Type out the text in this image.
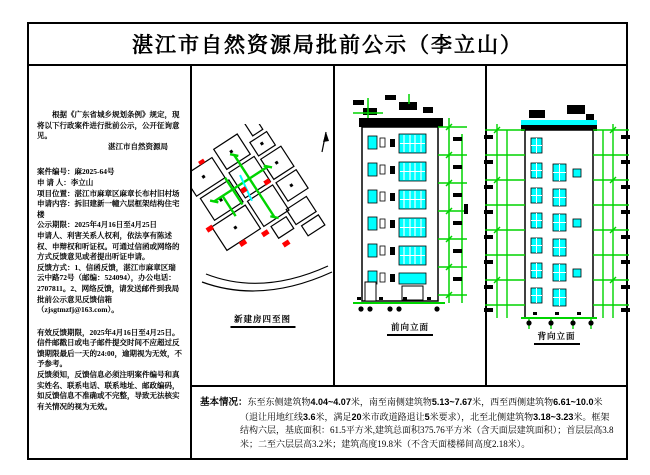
湛江市自然资源局批前公示（李立山）

根据《广东省城乡规划条例》规定，现将以下行政案件进行批前公示，公开征询意见。

湛江市自然资源局

案件编号：麻2025-64号

申 请 人：李立山

项目位置：湛江市麻章区麻章长布村旧村场

申请内容：拆旧建新一幢六层框架结构住宅楼

公示期限：2025年4月16日至4月25日

申请人、利害关系人权利，依法享有陈述权、申辩权和听证权。可通过信函或网络的方式反馈意见或者提出听证申请。

反馈方式：1、信函反馈，湛江市麻章区瑞云中路72号（邮编：524094），办公电话：2707811。2、网络反馈，请发送邮件到我局批前公示意见反馈信箱（zjsgtmzfj@163.com）。

有效反馈期限，2025年4月16日至4月25日。信件邮戳日或电子邮件提交时间不应超过反馈期限最后一天的24:00，逾期视为无效，不予参考。

反馈须知，反馈信息必须注明案件编号和真实姓名、联系电话、联系地址、邮政编码，如反馈信息不准确或不完整，导致无法核实有关情况的视为无效。

新建房四至图
前向立面
背向立面
基本情况：东至东侧建筑物4.04~4.07米，南至南侧建筑物5.13~7.67米，西至西侧建筑物6.61~10.0米（退让用地红线3.6米，满足20米市政道路退让5米要求），北至北侧建筑物3.18~3.23米。框架结构六层，基底面积：61.5平方米,建筑总面积375.76平方米（含天面层建筑面积）；首层层高3.8米；二至六层层高3.2米；建筑高度19.8米（不含天面楼梯间高度2.18米）。
